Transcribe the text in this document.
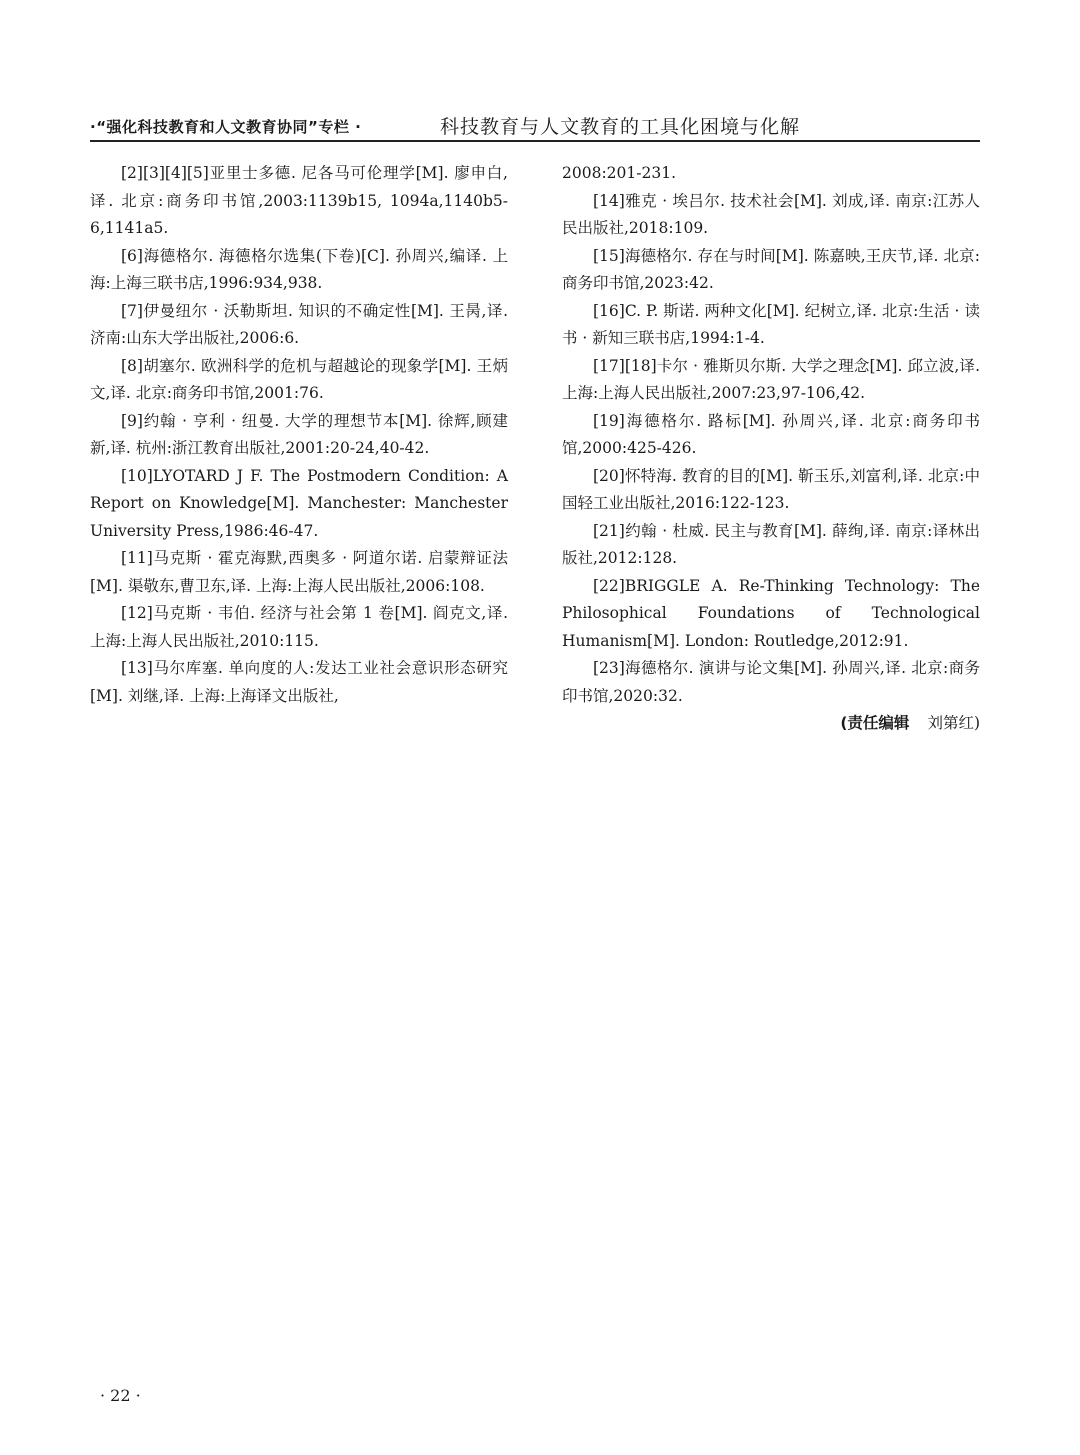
·“强化科技教育和人文教育协同”专栏 ·	科技教育与人文教育的工具化困境与化解

[2][3][4][5]亚里士多德. 尼各马可伦理学[M]. 廖申白,译. 北京:商务印书馆,2003:1139b15, 1094a,1140b5-6,1141a5.

[6]海德格尔. 海德格尔选集(下卷)[C]. 孙周兴,编译. 上海:上海三联书店,1996:934,938.

[7]伊曼纽尔 · 沃勒斯坦. 知识的不确定性[M]. 王昺,译. 济南:山东大学出版社,2006:6.

[8]胡塞尔. 欧洲科学的危机与超越论的现象学[M]. 王炳文,译. 北京:商务印书馆,2001:76.

[9]约翰 · 亨利 · 纽曼. 大学的理想节本[M]. 徐辉,顾建新,译. 杭州:浙江教育出版社,2001:20-24,40-42.

[10]LYOTARD J F. The Postmodern Condition: A Report on Knowledge[M]. Manchester: Manchester University Press,1986:46-47.

[11]马克斯 · 霍克海默,西奥多 · 阿道尔诺. 启蒙辩证法[M]. 渠敬东,曹卫东,译. 上海:上海人民出版社,2006:108.

[12]马克斯 · 韦伯. 经济与社会第 1 卷[M]. 阎克文,译. 上海:上海人民出版社,2010:115.

[13]马尔库塞. 单向度的人:发达工业社会意识形态研究[M]. 刘继,译. 上海:上海译文出版社,

2008:201-231.

[14]雅克 · 埃吕尔. 技术社会[M]. 刘成,译. 南京:江苏人民出版社,2018:109.

[15]海德格尔. 存在与时间[M]. 陈嘉映,王庆节,译. 北京:商务印书馆,2023:42.

[16]C. P. 斯诺. 两种文化[M]. 纪树立,译. 北京:生活 · 读书 · 新知三联书店,1994:1-4.

[17][18]卡尔 · 雅斯贝尔斯. 大学之理念[M]. 邱立波,译. 上海:上海人民出版社,2007:23,97-106,42.

[19]海德格尔. 路标[M]. 孙周兴,译. 北京:商务印书馆,2000:425-426.

[20]怀特海. 教育的目的[M]. 靳玉乐,刘富利,译. 北京:中国轻工业出版社,2016:122-123.

[21]约翰 · 杜威. 民主与教育[M]. 薛绚,译. 南京:译林出版社,2012:128.

[22]BRIGGLE A. Re-Thinking Technology: The Philosophical Foundations of Technological Humanism[M]. London: Routledge,2012:91.

[23]海德格尔. 演讲与论文集[M]. 孙周兴,译. 北京:商务印书馆,2020:32.

(责任编辑 刘第红)

· 22 ·
